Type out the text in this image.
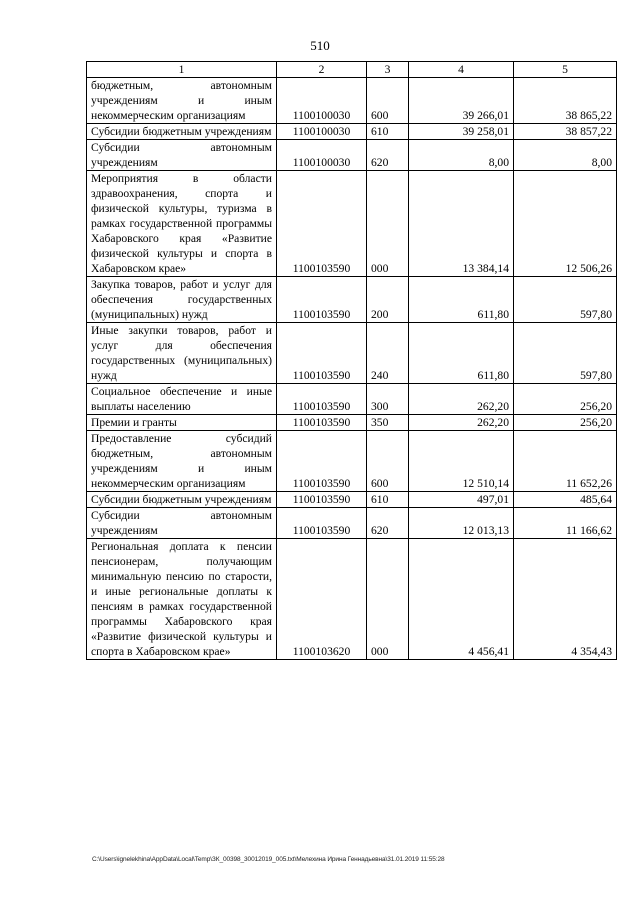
510
1	2	3	4	5
бюджетным, автономным учреждениям и иным некоммерческим организациям	1100100030	600	39 266,01	38 865,22
Субсидии бюджетным учреждениям	1100100030	610	39 258,01	38 857,22
Субсидии автономным учреждениям	1100100030	620	8,00	8,00
Мероприятия в области здравоохранения, спорта и физической культуры, туризма в рамках государственной программы Хабаровского края «Развитие физической культуры и спорта в Хабаровском крае»	1100103590	000	13 384,14	12 506,26
Закупка товаров, работ и услуг для обеспечения государственных (муниципальных) нужд	1100103590	200	611,80	597,80
Иные закупки товаров, работ и услуг для обеспечения государственных (муниципальных) нужд	1100103590	240	611,80	597,80
Социальное обеспечение и иные выплаты населению	1100103590	300	262,20	256,20
Премии и гранты	1100103590	350	262,20	256,20
Предоставление субсидий бюджетным, автономным учреждениям и иным некоммерческим организациям	1100103590	600	12 510,14	11 652,26
Субсидии бюджетным учреждениям	1100103590	610	497,01	485,64
Субсидии автономным учреждениям	1100103590	620	12 013,13	11 166,62
Региональная доплата к пенсии пенсионерам, получающим минимальную пенсию по старости, и иные региональные доплаты к пенсиям в рамках государственной программы Хабаровского края «Развитие физической культуры и спорта в Хабаровском крае»	1100103620	000	4 456,41	4 354,43
C:\Users\ignelekhina\AppData\Local\Temp\ЗК_00398_30012019_005.txt\Мелехина Ирина Геннадьевна\31.01.2019 11:55:28
